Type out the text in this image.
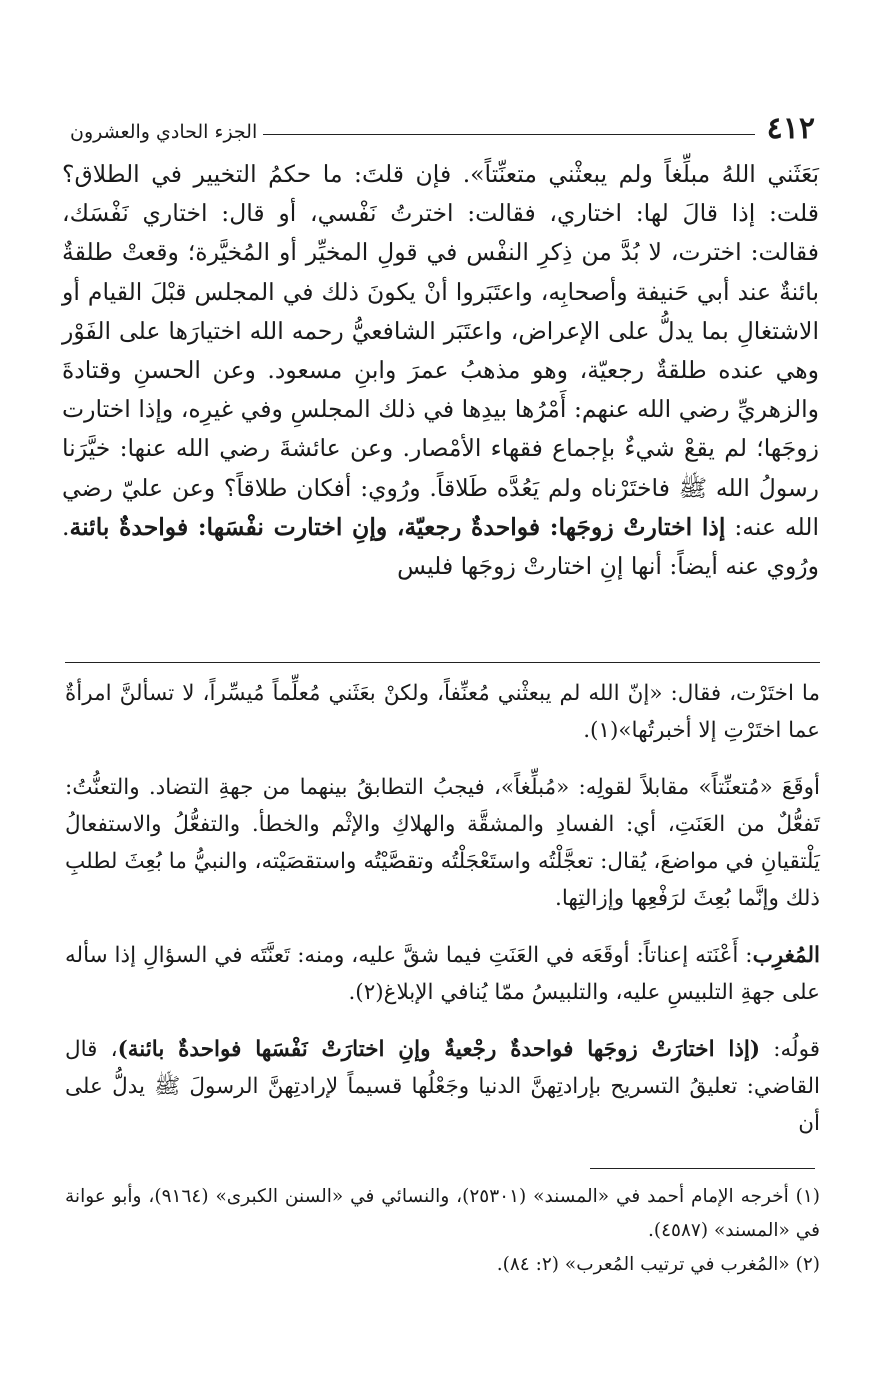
٤١٢
الجزء الحادي والعشرون

بَعَثَني اللهُ مبلِّغاً ولم يبعثْني متعنِّتاً». فإن قلتَ: ما حكمُ التخيير في الطلاق؟ قلت: إذا قالَ لها: اختاري، فقالت: اخترتُ نَفْسي، أو قال: اختاري نَفْسَك، فقالت: اخترت، لا بُدَّ من ذِكرِ النفْس في قولِ المخيِّر أو المُخيَّرة؛ وقعتْ طلقةٌ بائنةٌ عند أبي حَنيفة وأصحابِه، واعتَبَروا أنْ يكونَ ذلك في المجلس قبْلَ القيام أو الاشتغالِ بما يدلُّ على الإعراض، واعتَبَر الشافعيُّ رحمه الله اختيارَها على الفَوْر وهي عنده طلقةٌ رجعيّة، وهو مذهبُ عمرَ وابنِ مسعود. وعن الحسنِ وقتادةَ والزهريِّ رضي الله عنهم: أَمْرُها بيدِها في ذلك المجلسِ وفي غيرِه، وإذا اختارت زوجَها؛ لم يقعْ شيءٌ بإجماع فقهاء الأمْصار. وعن عائشةَ رضي الله عنها: خيَّرَنا رسولُ الله ﷺ فاختَرْناه ولم يَعُدَّه طَلاقاً. ورُوي: أفكان طلاقاً؟ وعن عليّ رضي الله عنه: إذا اختارتْ زوجَها: فواحدةٌ رجعيّة، وإنِ اختارت نفْسَها: فواحدةٌ بائنة. ورُوي عنه أيضاً: أنها إنِ اختارتْ زوجَها فليس

ما اختَرْت، فقال: «إنّ الله لم يبعثْني مُعنِّفاً، ولكنْ بعَثَني مُعلِّماً مُيسِّراً، لا تسألنَّ امرأةٌ عما اختَرْتِ إلا أخبرتُها»(١).

أوقَعَ «مُتعنِّتاً» مقابلاً لقولِه: «مُبلِّغاً»، فيجبُ التطابقُ بينهما من جهةِ التضاد. والتعنُّتُ: تَفعُّلٌ من العَنَتِ، أي: الفسادِ والمشقَّة والهلاكِ والإثْم والخطأ. والتفعُّلُ والاستفعالُ يَلْتقيانِ في مواضعَ، يُقال: تعجَّلْتُه واستَعْجَلْتُه وتقصَّيْتُه واستقصَيْته، والنبيُّ ما بُعِثَ لطلبِ ذلك وإنَّما بُعِثَ لرَفْعِها وإزالتِها.

المُغرِب: أَعْنَته إعناتاً: أوقَعَه في العَنَتِ فيما شقَّ عليه، ومنه: تَعنَّتَه في السؤالِ إذا سأله على جهةِ التلبيسِ عليه، والتلبيسُ ممّا يُنافي الإبلاغ(٢).

قولُه: (إذا اختارَتْ زوجَها فواحدةٌ رجْعيةٌ وإنِ اختارَتْ نَفْسَها فواحدةٌ بائنة)، قال القاضي: تعليقُ التسريح بإرادتِهنَّ الدنيا وجَعْلُها قسيماً لإرادتِهنَّ الرسولَ ﷺ يدلُّ على أن

(١) أخرجه الإمام أحمد في «المسند» (٢٥٣٠١)، والنسائي في «السنن الكبرى» (٩١٦٤)، وأبو عوانة في «المسند» (٤٥٨٧).

(٢) «المُغرب في ترتيب المُعرب» (٢: ٨٤).
